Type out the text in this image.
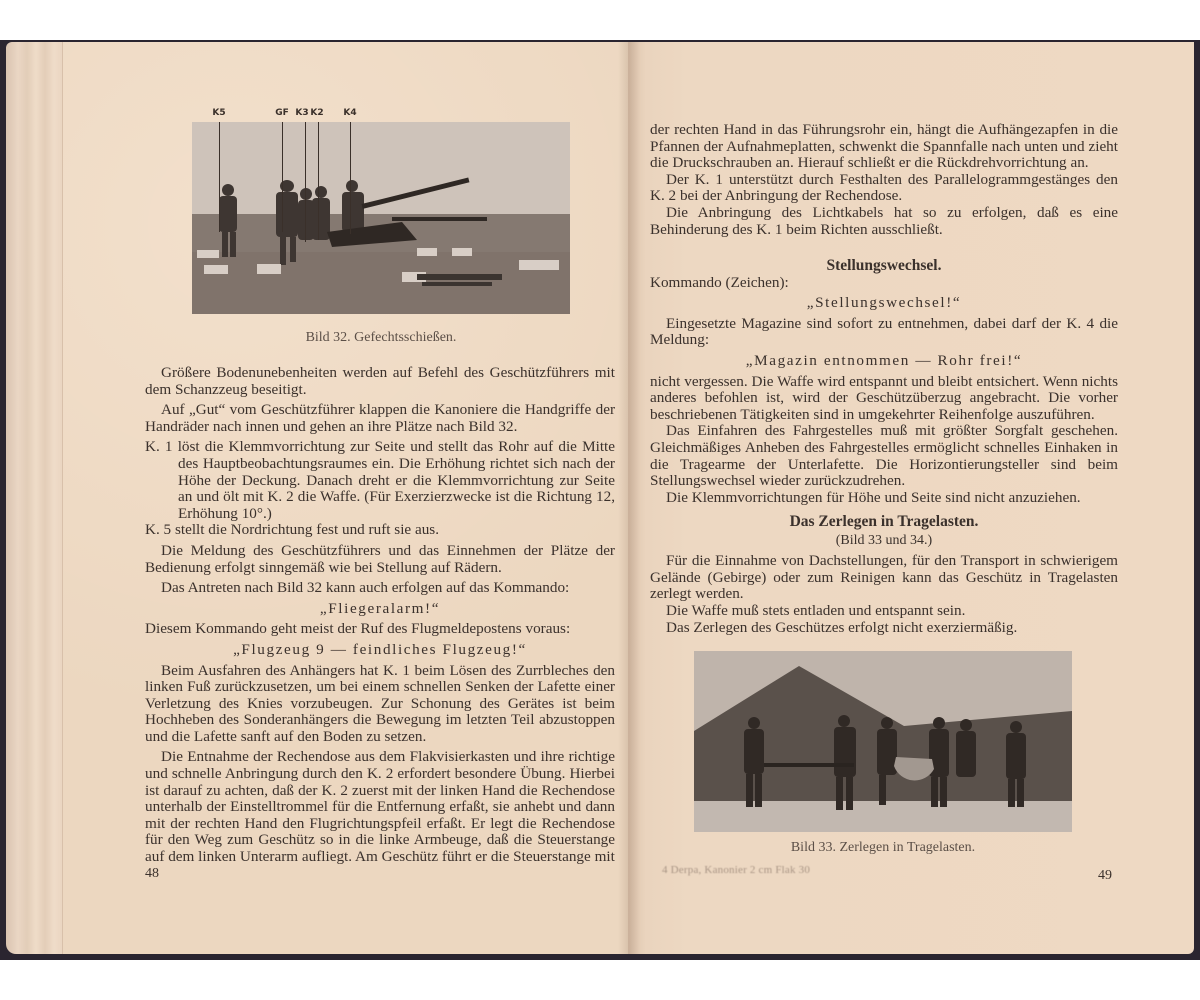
K5	GF K3 K2 K4
Bild 32. Gefechtsschießen.

Größere Bodenunebenheiten werden auf Befehl des Geschützführers mit dem Schanzzeug beseitigt.

Auf „Gut“ vom Geschützführer klappen die Kanoniere die Handgriffe der Handräder nach innen und gehen an ihre Plätze nach Bild 32.

K. 1 löst die Klemmvorrichtung zur Seite und stellt das Rohr auf die Mitte des Hauptbeobachtungsraumes ein. Die Erhöhung richtet sich nach der Höhe der Deckung. Danach dreht er die Klemmvorrichtung zur Seite an und ölt mit K. 2 die Waffe. (Für Exerzierzwecke ist die Richtung 12, Erhöhung 10°.)

K. 5 stellt die Nordrichtung fest und ruft sie aus.

Die Meldung des Geschützführers und das Einnehmen der Plätze der Bedienung erfolgt sinngemäß wie bei Stellung auf Rädern.

Das Antreten nach Bild 32 kann auch erfolgen auf das Kommando:

„Fliegeralarm!“

Diesem Kommando geht meist der Ruf des Flugmeldepostens voraus:

„Flugzeug 9 — feindliches Flugzeug!“

Beim Ausfahren des Anhängers hat K. 1 beim Lösen des Zurrbleches den linken Fuß zurückzusetzen, um bei einem schnellen Senken der Lafette einer Verletzung des Knies vorzubeugen. Zur Schonung des Gerätes ist beim Hochheben des Sonderanhängers die Bewegung im letzten Teil abzustoppen und die Lafette sanft auf den Boden zu setzen.

Die Entnahme der Rechendose aus dem Flakvisierkasten und ihre richtige und schnelle Anbringung durch den K. 2 erfordert besondere Übung. Hierbei ist darauf zu achten, daß der K. 2 zuerst mit der linken Hand die Rechendose unterhalb der Einstelltrommel für die Entfernung erfaßt, sie anhebt und dann mit der rechten Hand den Flugrichtungspfeil erfaßt. Er legt die Rechendose für den Weg zum Geschütz so in die linke Armbeuge, daß die Steuerstange auf dem linken Unterarm aufliegt. Am Geschütz führt er die Steuerstange mit

48

der rechten Hand in das Führungsrohr ein, hängt die Aufhängezapfen in die Pfannen der Aufnahmeplatten, schwenkt die Spannfalle nach unten und zieht die Druckschrauben an. Hierauf schließt er die Rückdrehvorrichtung an.

Der K. 1 unterstützt durch Festhalten des Parallelogrammgestänges den K. 2 bei der Anbringung der Rechendose.

Die Anbringung des Lichtkabels hat so zu erfolgen, daß es eine Behinderung des K. 1 beim Richten ausschließt.

Stellungswechsel.

Kommando (Zeichen):

„Stellungswechsel!“

Eingesetzte Magazine sind sofort zu entnehmen, dabei darf der K. 4 die Meldung:

„Magazin entnommen — Rohr frei!“

nicht vergessen. Die Waffe wird entspannt und bleibt entsichert. Wenn nichts anderes befohlen ist, wird der Geschützüberzug angebracht. Die vorher beschriebenen Tätigkeiten sind in umgekehrter Reihenfolge auszuführen.

Das Einfahren des Fahrgestelles muß mit größter Sorgfalt geschehen. Gleichmäßiges Anheben des Fahrgestelles ermöglicht schnelles Einhaken in die Tragearme der Unterlafette. Die Horizontierungsteller sind beim Stellungswechsel wieder zurückzudrehen.

Die Klemmvorrichtungen für Höhe und Seite sind nicht anzuziehen.

Das Zerlegen in Tragelasten.

(Bild 33 und 34.)

Für die Einnahme von Dachstellungen, für den Transport in schwierigem Gelände (Gebirge) oder zum Reinigen kann das Geschütz in Tragelasten zerlegt werden.

Die Waffe muß stets entladen und entspannt sein.

Das Zerlegen des Geschützes erfolgt nicht exerziermäßig.

Bild 33. Zerlegen in Tragelasten.
4 Derpa, Kanonier 2 cm Flak 30	49
